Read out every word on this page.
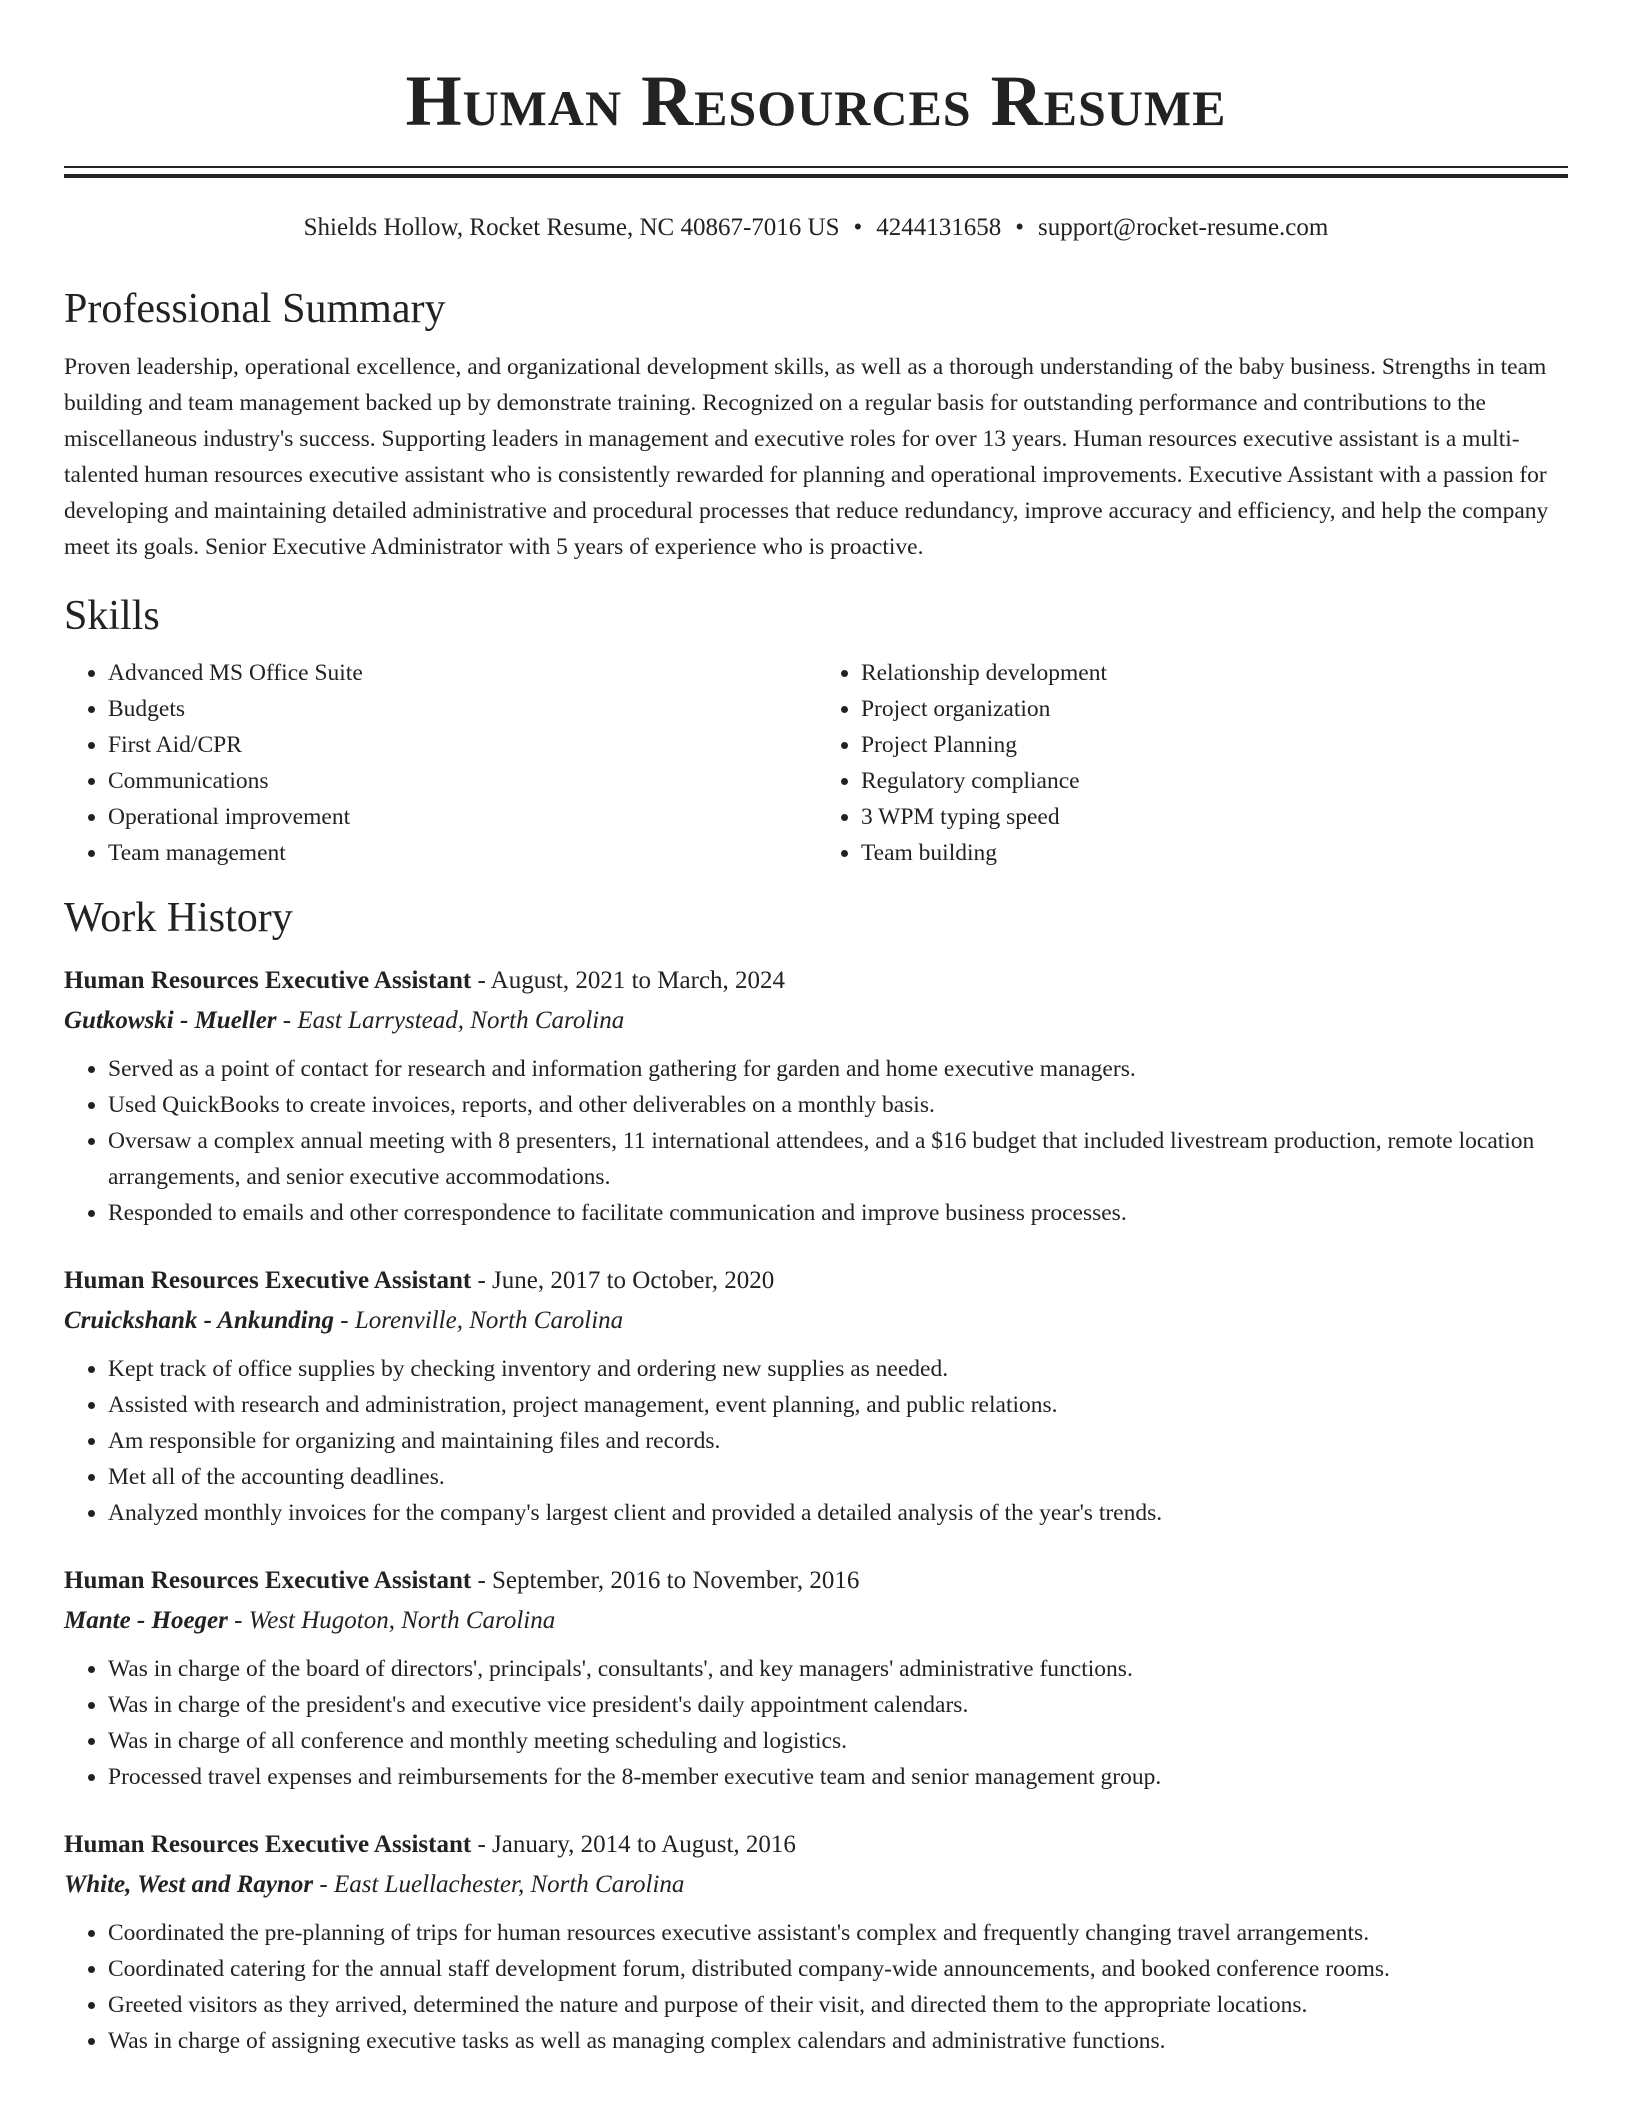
Human Resources Resume
Shields Hollow, Rocket Resume, NC 40867-7016 US • 4244131658 • support@rocket-resume.com
Professional Summary

Proven leadership, operational excellence, and organizational development skills, as well as a thorough understanding of the baby business. Strengths in team building and team management backed up by demonstrate training. Recognized on a regular basis for outstanding performance and contributions to the miscellaneous industry's success. Supporting leaders in management and executive roles for over 13 years. Human resources executive assistant is a multi-talented human resources executive assistant who is consistently rewarded for planning and operational improvements. Executive Assistant with a passion for developing and maintaining detailed administrative and procedural processes that reduce redundancy, improve accuracy and efficiency, and help the company meet its goals. Senior Executive Administrator with 5 years of experience who is proactive.

Skills
• Advanced MS Office Suite
• Budgets
• First Aid/CPR
• Communications
• Operational improvement
• Team management
• Relationship development
• Project organization
• Project Planning
• Regulatory compliance
• 3 WPM typing speed
• Team building
Work History
Human Resources Executive Assistant - August, 2021 to March, 2024
Gutkowski - Mueller - East Larrystead, North Carolina
• Served as a point of contact for research and information gathering for garden and home executive managers.
• Used QuickBooks to create invoices, reports, and other deliverables on a monthly basis.
• Oversaw a complex annual meeting with 8 presenters, 11 international attendees, and a $16 budget that included livestream production, remote location arrangements, and senior executive accommodations.
• Responded to emails and other correspondence to facilitate communication and improve business processes.
Human Resources Executive Assistant - June, 2017 to October, 2020
Cruickshank - Ankunding - Lorenville, North Carolina
• Kept track of office supplies by checking inventory and ordering new supplies as needed.
• Assisted with research and administration, project management, event planning, and public relations.
• Am responsible for organizing and maintaining files and records.
• Met all of the accounting deadlines.
• Analyzed monthly invoices for the company's largest client and provided a detailed analysis of the year's trends.
Human Resources Executive Assistant - September, 2016 to November, 2016
Mante - Hoeger - West Hugoton, North Carolina
• Was in charge of the board of directors', principals', consultants', and key managers' administrative functions.
• Was in charge of the president's and executive vice president's daily appointment calendars.
• Was in charge of all conference and monthly meeting scheduling and logistics.
• Processed travel expenses and reimbursements for the 8-member executive team and senior management group.
Human Resources Executive Assistant - January, 2014 to August, 2016
White, West and Raynor - East Luellachester, North Carolina
• Coordinated the pre-planning of trips for human resources executive assistant's complex and frequently changing travel arrangements.
• Coordinated catering for the annual staff development forum, distributed company-wide announcements, and booked conference rooms.
• Greeted visitors as they arrived, determined the nature and purpose of their visit, and directed them to the appropriate locations.
• Was in charge of assigning executive tasks as well as managing complex calendars and administrative functions.
